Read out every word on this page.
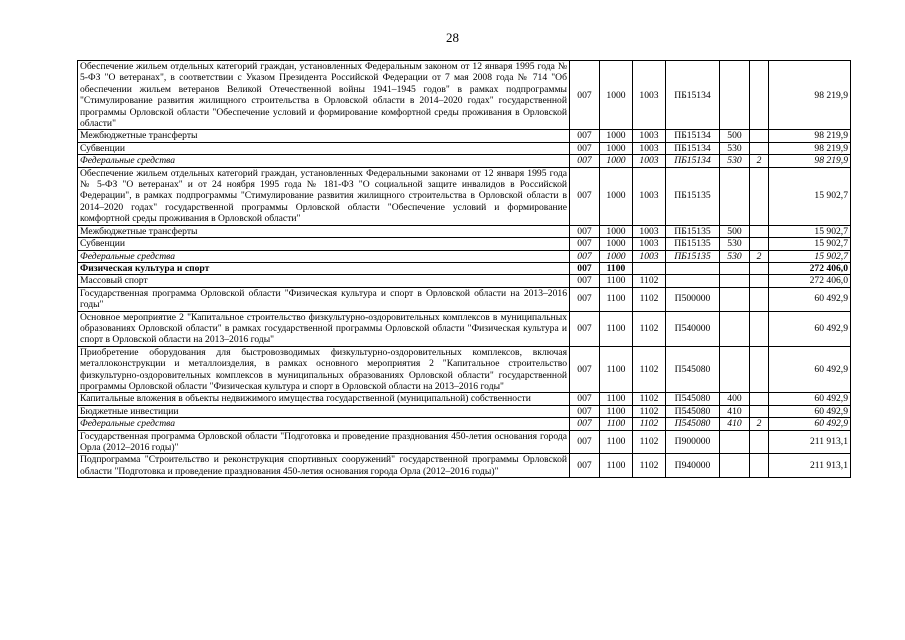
28
Обеспечение жильем отдельных категорий граждан, установленных Федеральным законом от 12 января 1995 года № 5-ФЗ "О ветеранах", в соответствии с Указом Президента Российской Федерации от 7 мая 2008 года № 714 "Об обеспечении жильем ветеранов Великой Отечественной войны 1941–1945 годов" в рамках подпрограммы "Стимулирование развития жилищного строительства в Орловской области в 2014–2020 годах" государственной программы Орловской области "Обеспечение условий и формирование комфортной среды проживания в Орловской области"	007	1000	1003	ПБ15134			98 219,9
Межбюджетные трансферты	007	1000	1003	ПБ15134	500		98 219,9
Субвенции	007	1000	1003	ПБ15134	530		98 219,9
Федеральные средства	007	1000	1003	ПБ15134	530	2	98 219,9
Обеспечение жильем отдельных категорий граждан, установленных Федеральными законами от 12 января 1995 года № 5-ФЗ "О ветеранах" и от 24 ноября 1995 года № 181-ФЗ "О социальной защите инвалидов в Российской Федерации", в рамках подпрограммы "Стимулирование развития жилищного строительства в Орловской области в 2014–2020 годах" государственной программы Орловской области "Обеспечение условий и формирование комфортной среды проживания в Орловской области"	007	1000	1003	ПБ15135			15 902,7
Межбюджетные трансферты	007	1000	1003	ПБ15135	500		15 902,7
Субвенции	007	1000	1003	ПБ15135	530		15 902,7
Федеральные средства	007	1000	1003	ПБ15135	530	2	15 902,7
Физическая культура и спорт	007	1100					272 406,0
Массовый спорт	007	1100	1102				272 406,0
Государственная программа Орловской области "Физическая культура и спорт в Орловской области на 2013–2016 годы"	007	1100	1102	П500000			60 492,9
Основное мероприятие 2 "Капитальное строительство физкультурно-оздоровительных комплексов в муниципальных образованиях Орловской области" в рамках государственной программы Орловской области "Физическая культура и спорт в Орловской области на 2013–2016 годы"	007	1100	1102	П540000			60 492,9
Приобретение оборудования для быстровозводимых физкультурно-оздоровительных комплексов, включая металлоконструкции и металлоизделия, в рамках основного мероприятия 2 "Капитальное строительство физкультурно-оздоровительных комплексов в муниципальных образованиях Орловской области" государственной программы Орловской области "Физическая культура и спорт в Орловской области на 2013–2016 годы"	007	1100	1102	П545080			60 492,9
Капитальные вложения в объекты недвижимого имущества государственной (муниципальной) собственности	007	1100	1102	П545080	400		60 492,9
Бюджетные инвестиции	007	1100	1102	П545080	410		60 492,9
Федеральные средства	007	1100	1102	П545080	410	2	60 492,9
Государственная программа Орловской области "Подготовка и проведение празднования 450-летия основания города Орла (2012–2016 годы)"	007	1100	1102	П900000			211 913,1
Подпрограмма "Строительство и реконструкция спортивных сооружений" государственной программы Орловской области "Подготовка и проведение празднования 450-летия основания города Орла (2012–2016 годы)"	007	1100	1102	П940000			211 913,1
